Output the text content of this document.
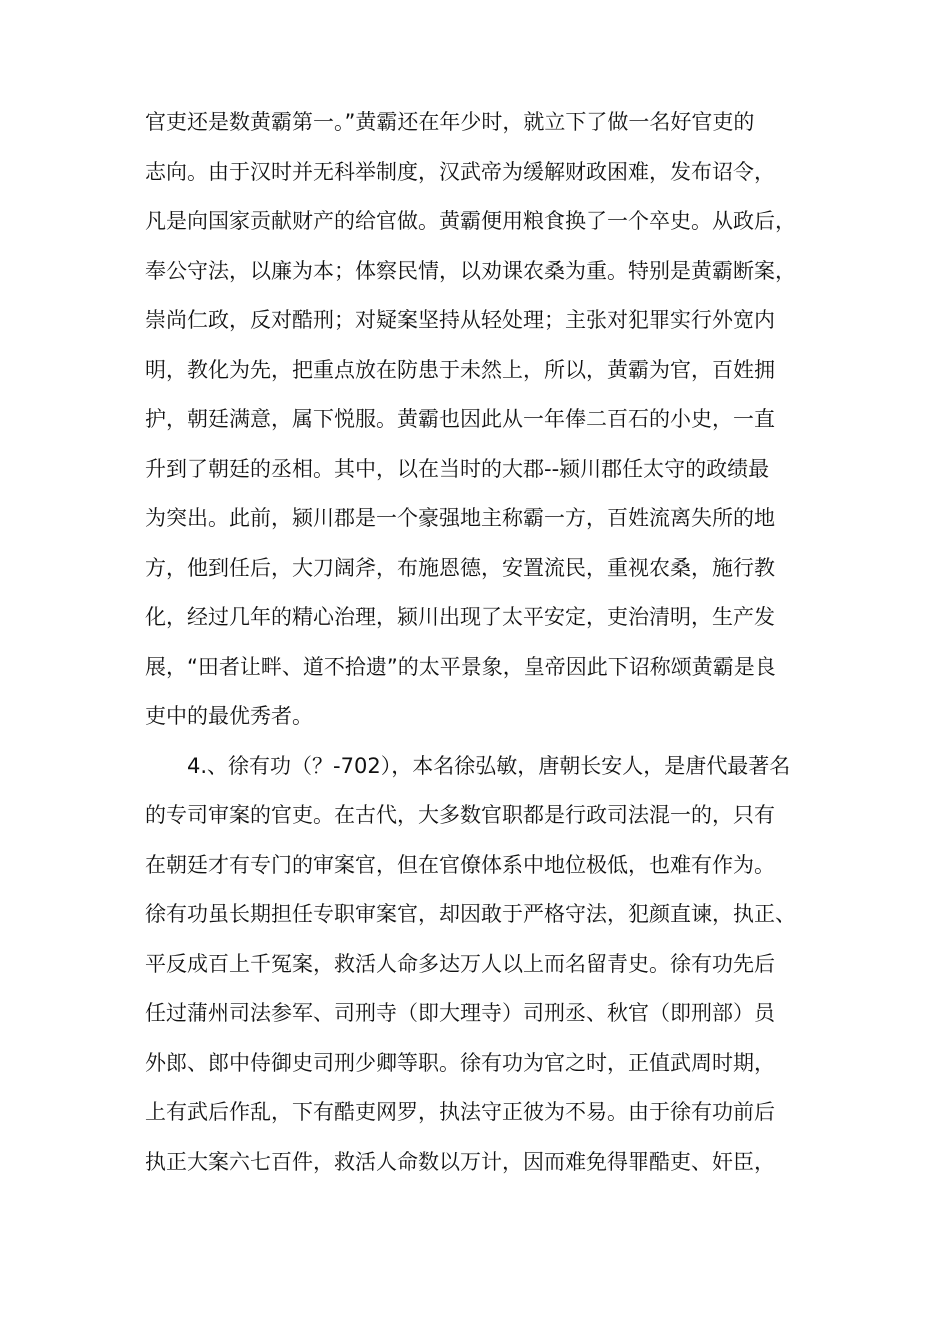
官吏还是数黄霸第一。”黄霸还在年少时，就立下了做一名好官吏的
志向。由于汉时并无科举制度，汉武帝为缓解财政困难，发布诏令，
凡是向国家贡献财产的给官做。黄霸便用粮食换了一个卒史。从政后，
奉公守法，以廉为本；体察民情，以劝课农桑为重。特别是黄霸断案，
崇尚仁政，反对酷刑；对疑案坚持从轻处理；主张对犯罪实行外宽内
明，教化为先，把重点放在防患于未然上，所以，黄霸为官，百姓拥
护，朝廷满意，属下悦服。黄霸也因此从一年俸二百石的小史，一直
升到了朝廷的丞相。其中，以在当时的大郡--颍川郡任太守的政绩最
为突出。此前，颍川郡是一个豪强地主称霸一方，百姓流离失所的地
方，他到任后，大刀阔斧，布施恩德，安置流民，重视农桑，施行教
化，经过几年的精心治理，颍川出现了太平安定，吏治清明，生产发
展，“田者让畔、道不拾遗”的太平景象，皇帝因此下诏称颂黄霸是良
吏中的最优秀者。
4.、徐有功（？-702），本名徐弘敏，唐朝长安人，是唐代最著名
的专司审案的官吏。在古代，大多数官职都是行政司法混一的，只有
在朝廷才有专门的审案官，但在官僚体系中地位极低，也难有作为。
徐有功虽长期担任专职审案官，却因敢于严格守法，犯颜直谏，执正、
平反成百上千冤案，救活人命多达万人以上而名留青史。徐有功先后
任过蒲州司法参军、司刑寺（即大理寺）司刑丞、秋官（即刑部）员
外郎、郎中侍御史司刑少卿等职。徐有功为官之时，正值武周时期，
上有武后作乱，下有酷吏网罗，执法守正彼为不易。由于徐有功前后
执正大案六七百件，救活人命数以万计，因而难免得罪酷吏、奸臣，
